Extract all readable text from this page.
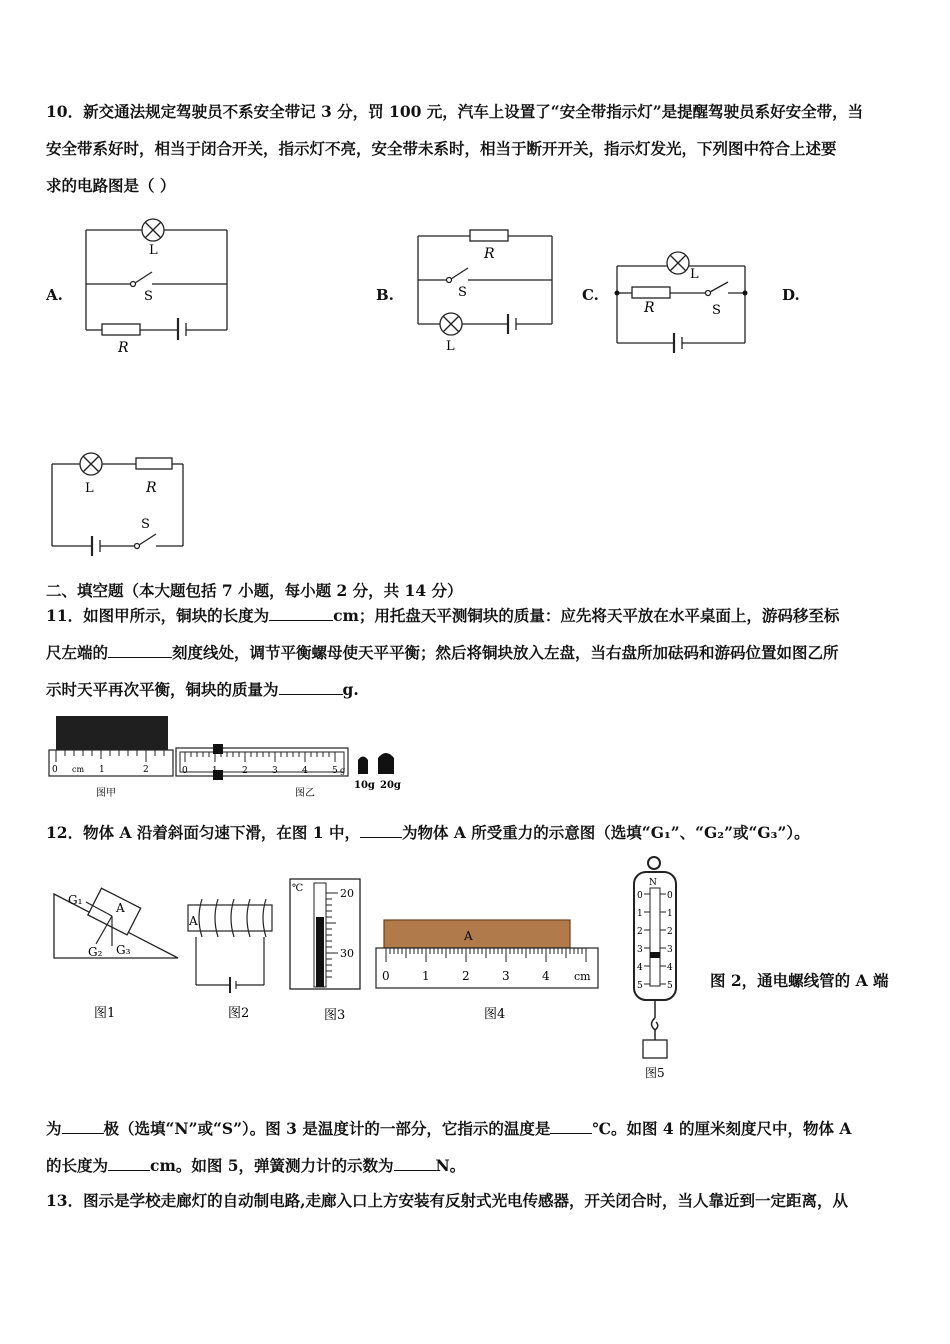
10．新交通法规定驾驶员不系安全带记 3 分，罚 100 元，汽车上设置了“安全带指示灯”是提醒驾驶员系好安全带，当
安全带系好时，相当于闭合开关，指示灯不亮，安全带未系时，相当于断开开关，指示灯发光，下列图中符合上述要
求的电路图是（ ）
A.	B.	C.	D.
L
S
R
R
S
L
L
R	S
L	R
S
二、填空题（本大题包括 7 小题，每小题 2 分，共 14 分）
11．如图甲所示，铜块的长度为	cm；用托盘天平测铜块的质量：应先将天平放在水平桌面上，游码移至标
尺左端的	刻度线处，调节平衡螺母使天平平衡；然后将铜块放入左盘，当右盘所加砝码和游码位置如图乙所
示时天平再次平衡，铜块的质量为	g.
0 cm 1	2
图甲
0	1	2	3	4	5 g
图乙
10g 20g
12．物体 A 沿着斜面匀速下滑，在图 1 中，	为物体 A 所受重力的示意图（选填“G₁”、“G₂”或“G₃”）。
G₁
A
G₂ G₃
图1
A
图2
℃	20
30
图3
A
0	1	2	3	4 cm
图4
N
0
1
2
3
4
5
0
1
2
3
4
5
图5
图 2，通电螺线管的 A 端
为	极（选填“N”或“S”）。图 3 是温度计的一部分，它指示的温度是	℃。如图 4 的厘米刻度尺中，物体 A
的长度为	cm。如图 5，弹簧测力计的示数为	N。
13．图示是学校走廊灯的自动制电路,走廊入口上方安装有反射式光电传感器，开关闭合时，当人靠近到一定距离，从
